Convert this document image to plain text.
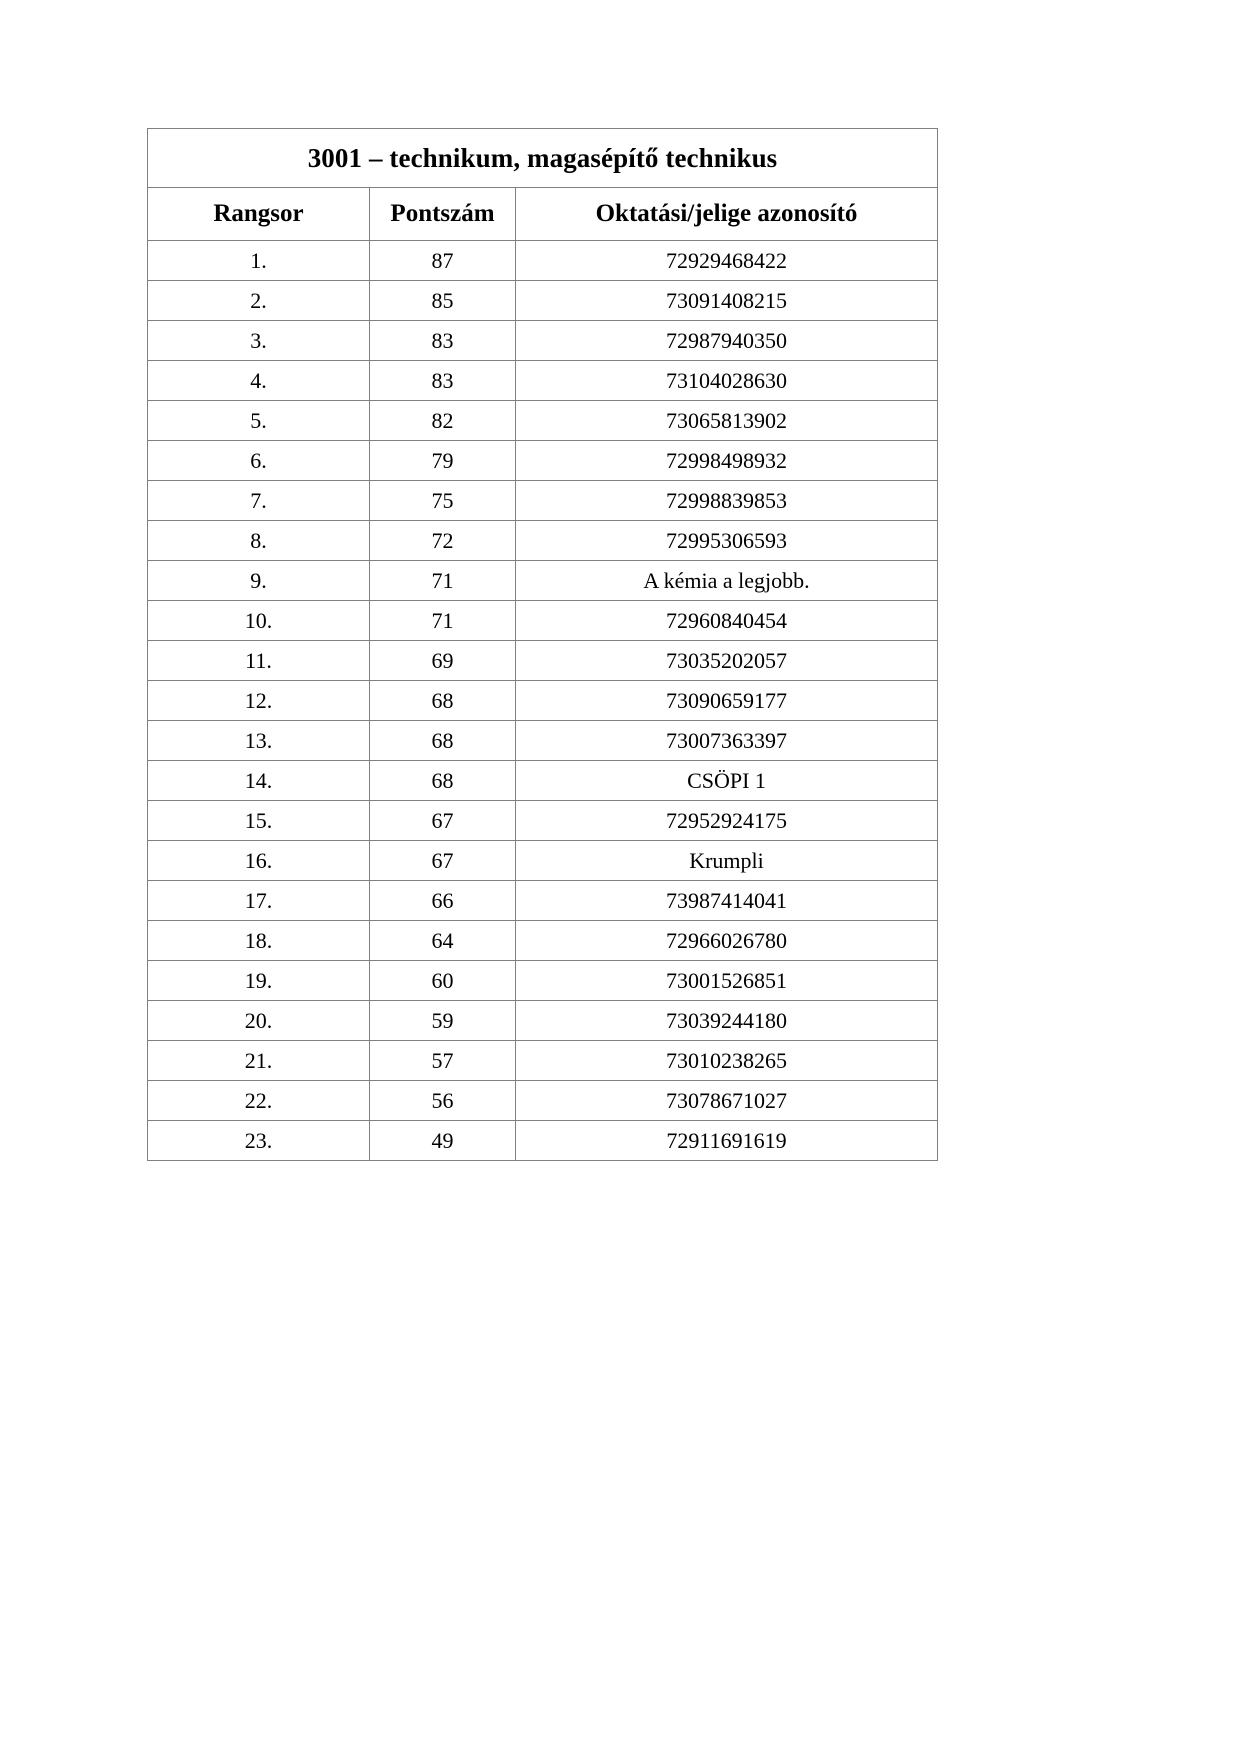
3001 – technikum, magasépítő technikus		
Rangsor	Pontszám	Oktatási/jelige azonosító
1.	87	72929468422
2.	85	73091408215
3.	83	72987940350
4.	83	73104028630
5.	82	73065813902
6.	79	72998498932
7.	75	72998839853
8.	72	72995306593
9.	71	A kémia a legjobb.
10.	71	72960840454
11.	69	73035202057
12.	68	73090659177
13.	68	73007363397
14.	68	CSÖPI 1
15.	67	72952924175
16.	67	Krumpli
17.	66	73987414041
18.	64	72966026780
19.	60	73001526851
20.	59	73039244180
21.	57	73010238265
22.	56	73078671027
23.	49	72911691619
